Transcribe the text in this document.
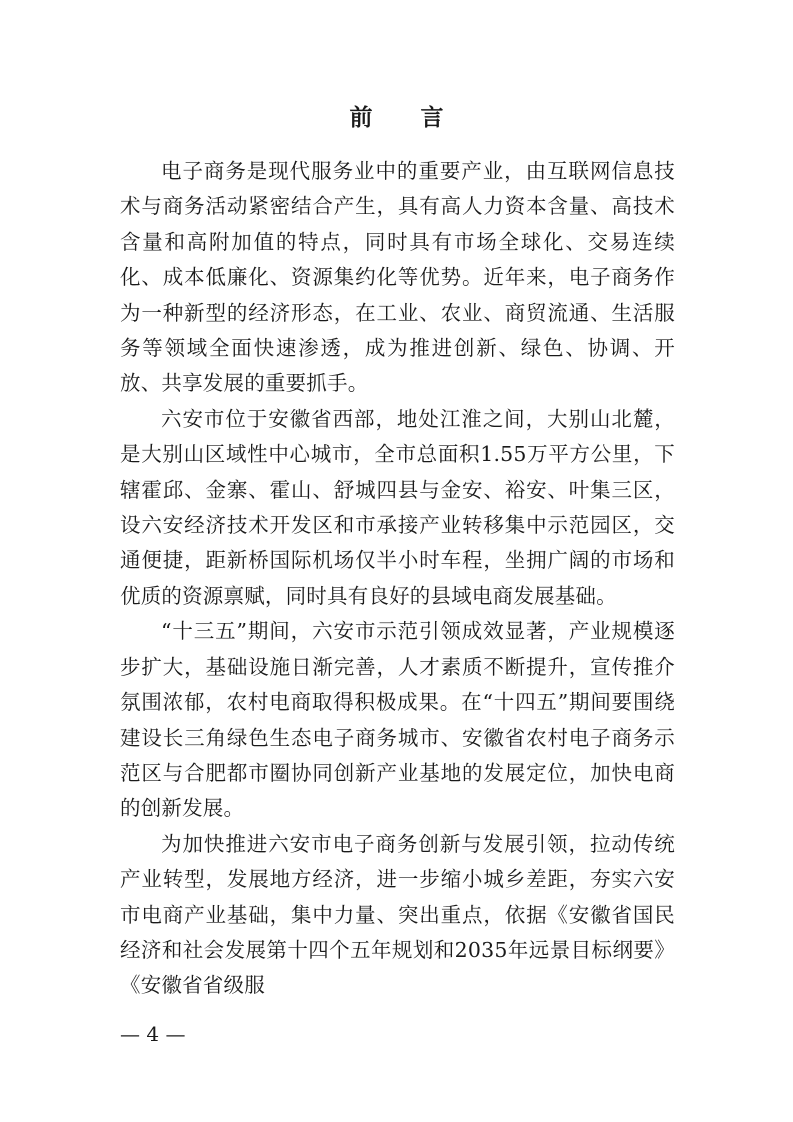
前 言

电子商务是现代服务业中的重要产业，由互联网信息技术与商务活动紧密结合产生，具有高人力资本含量、高技术含量和高附加值的特点，同时具有市场全球化、交易连续化、成本低廉化、资源集约化等优势。近年来，电子商务作为一种新型的经济形态，在工业、农业、商贸流通、生活服务等领域全面快速渗透，成为推进创新、绿色、协调、开放、共享发展的重要抓手。

六安市位于安徽省西部，地处江淮之间，大别山北麓，是大别山区域性中心城市，全市总面积1.55万平方公里，下辖霍邱、金寨、霍山、舒城四县与金安、裕安、叶集三区，设六安经济技术开发区和市承接产业转移集中示范园区，交通便捷，距新桥国际机场仅半小时车程，坐拥广阔的市场和优质的资源禀赋，同时具有良好的县域电商发展基础。

“十三五”期间，六安市示范引领成效显著，产业规模逐步扩大，基础设施日渐完善，人才素质不断提升，宣传推介氛围浓郁，农村电商取得积极成果。在“十四五”期间要围绕建设长三角绿色生态电子商务城市、安徽省农村电子商务示范区与合肥都市圈协同创新产业基地的发展定位，加快电商的创新发展。

为加快推进六安市电子商务创新与发展引领，拉动传统产业转型，发展地方经济，进一步缩小城乡差距，夯实六安市电商产业基础，集中力量、突出重点，依据《安徽省国民经济和社会发展第十四个五年规划和2035年远景目标纲要》《安徽省省级服

— 4 —
